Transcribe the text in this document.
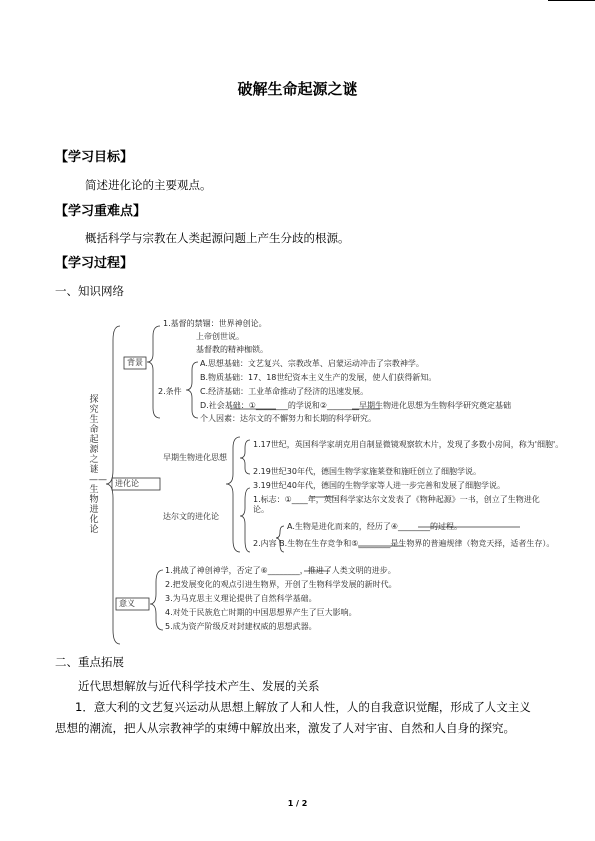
破解生命起源之谜
【学习目标】
简述进化论的主要观点。
【学习重难点】
概括科学与宗教在人类起源问题上产生分歧的根源。
【学习过程】
一、知识网络
探究生命起源之谜——生物进化论
背景
进化论
意义
1.基督的禁锢：世界神创论。
上帝创世说。
基督教的精神枷锁。
2.条件
A.思想基础：文艺复兴、宗教改革、启蒙运动冲击了宗教神学。
B.物质基础：17、18世纪资本主义生产的发展，使人们获得新知。
C.经济基础：工业革命推动了经济的迅速发展。
D.社会基础：①________的学说和②________早期生物进化思想为生物科学研究奠定基础
个人因素：达尔文的不懈努力和长期的科学研究。
早期生物进化思想
1.17世纪，英国科学家胡克用自制显微镜观察软木片，发现了多数小房间，称为'细胞'。
2.19世纪30年代，德国生物学家施莱登和施旺创立了细胞学说。
3.19世纪40年代，德国的生物学家等人进一步完善和发展了细胞学说。
达尔文的进化论
1.标志：①____年，英国科学家达尔文发表了《物种起源》一书，创立了生物进化论。
A.生物是进化而来的，经历了④________的过程。
2.内容 B.生物在生存竞争和⑤________是生物界的普遍规律（物竞天择，适者生存）。
1.挑战了神创神学，否定了⑥________，推进了人类文明的进步。
2.把发展变化的观点引进生物界，开创了生物科学发展的新时代。
3.为马克思主义理论提供了自然科学基础。
4.对处于民族危亡时期的中国思想界产生了巨大影响。
5.成为资产阶级反对封建权威的思想武器。
二、重点拓展
近代思想解放与近代科学技术产生、发展的关系
1．意大利的文艺复兴运动从思想上解放了人和人性，人的自我意识觉醒，形成了人文主义思想的潮流，把人从宗教神学的束缚中解放出来，激发了人对宇宙、自然和人自身的探究。
1 / 2
